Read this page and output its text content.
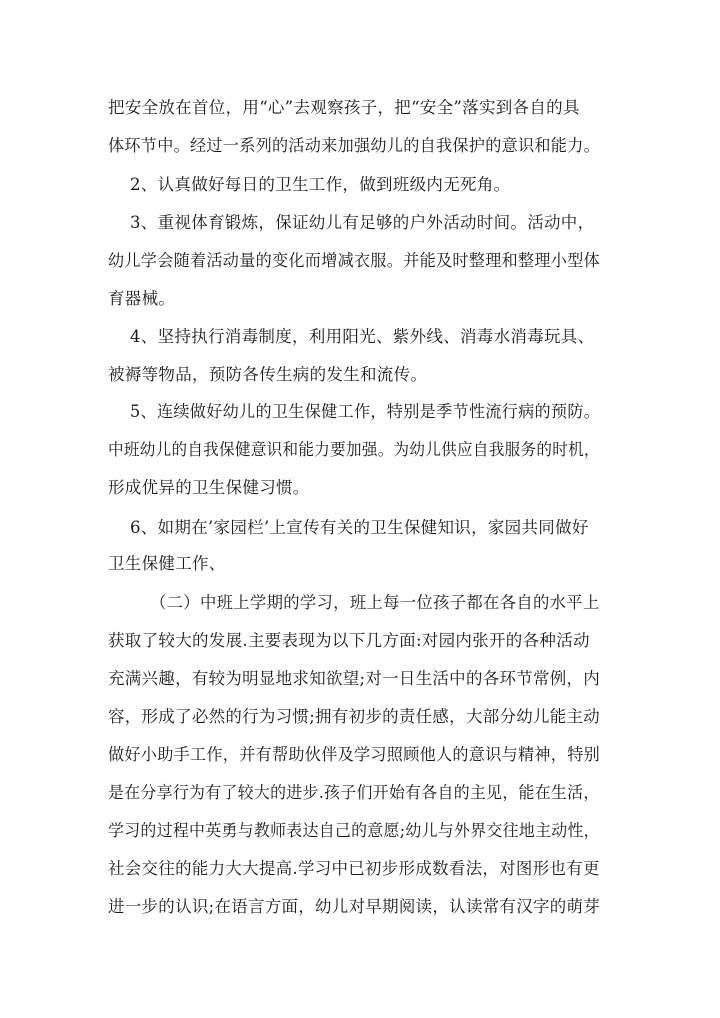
把安全放在首位，用“心”去观察孩子，把“安全”落实到各自的具
体环节中。经过一系列的活动来加强幼儿的自我保护的意识和能力。
2、认真做好每日的卫生工作，做到班级内无死角。
3、重视体育锻炼，保证幼儿有足够的户外活动时间。活动中，
幼儿学会随着活动量的变化而增减衣服。并能及时整理和整理小型体
育器械。
4、坚持执行消毒制度，利用阳光、紫外线、消毒水消毒玩具、
被褥等物品，预防各传生病的发生和流传。
5、连续做好幼儿的卫生保健工作，特别是季节性流行病的预防。
中班幼儿的自我保健意识和能力要加强。为幼儿供应自我服务的时机，
形成优异的卫生保健习惯。
6、如期在’家园栏’上宣传有关的卫生保健知识，家园共同做好
卫生保健工作、
（二）中班上学期的学习，班上每一位孩子都在各自的水平上
获取了较大的发展.主要表现为以下几方面:对园内张开的各种活动
充满兴趣，有较为明显地求知欲望;对一日生活中的各环节常例，内
容，形成了必然的行为习惯;拥有初步的责任感，大部分幼儿能主动
做好小助手工作，并有帮助伙伴及学习照顾他人的意识与精神，特别
是在分享行为有了较大的进步.孩子们开始有各自的主见，能在生活，
学习的过程中英勇与教师表达自己的意愿;幼儿与外界交往地主动性，
社会交往的能力大大提高.学习中已初步形成数看法，对图形也有更
进一步的认识;在语言方面，幼儿对早期阅读，认读常有汉字的萌芽
